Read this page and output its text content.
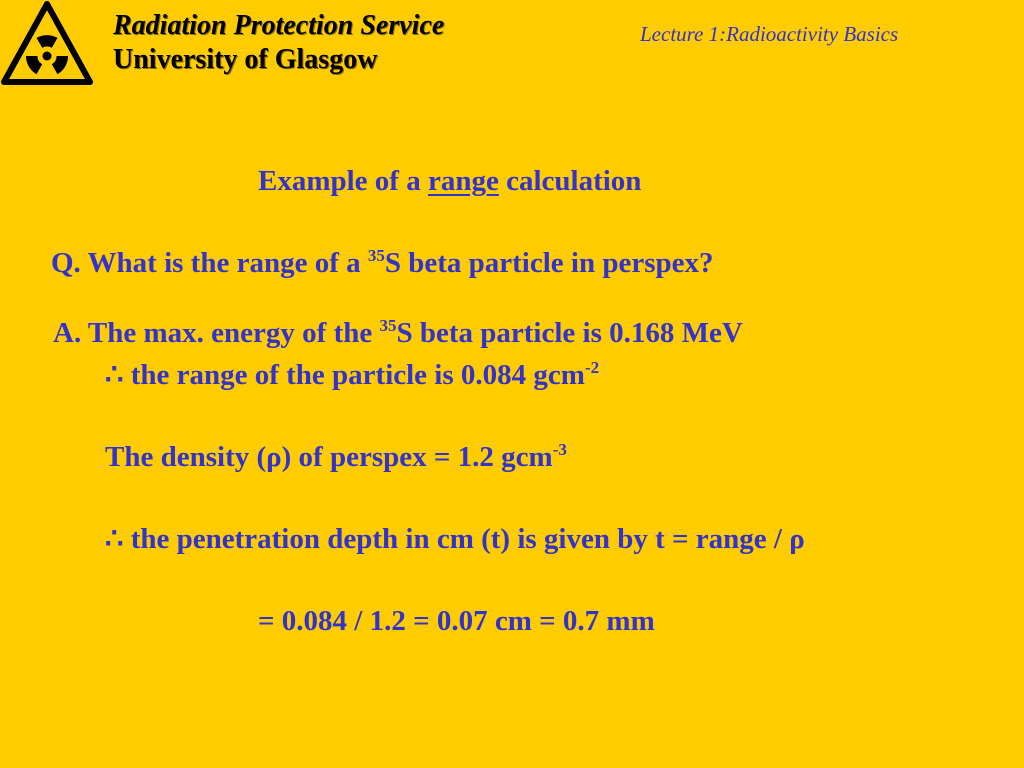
Radiation Protection Service
University of Glasgow
Lecture 1:Radioactivity Basics

Example of a range calculation

Q. What is the range of a $^{35}$S beta particle in perspex?

A. The max. energy of the $^{35}$S beta particle is 0.168 MeV

∴ the range of the particle is 0.084 gcm$^{-2}$

The density (ρ) of perspex = 1.2 gcm$^{-3}$

∴ the penetration depth in cm (t) is given by t = range / ρ

= 0.084 / 1.2 = 0.07 cm = 0.7 mm
